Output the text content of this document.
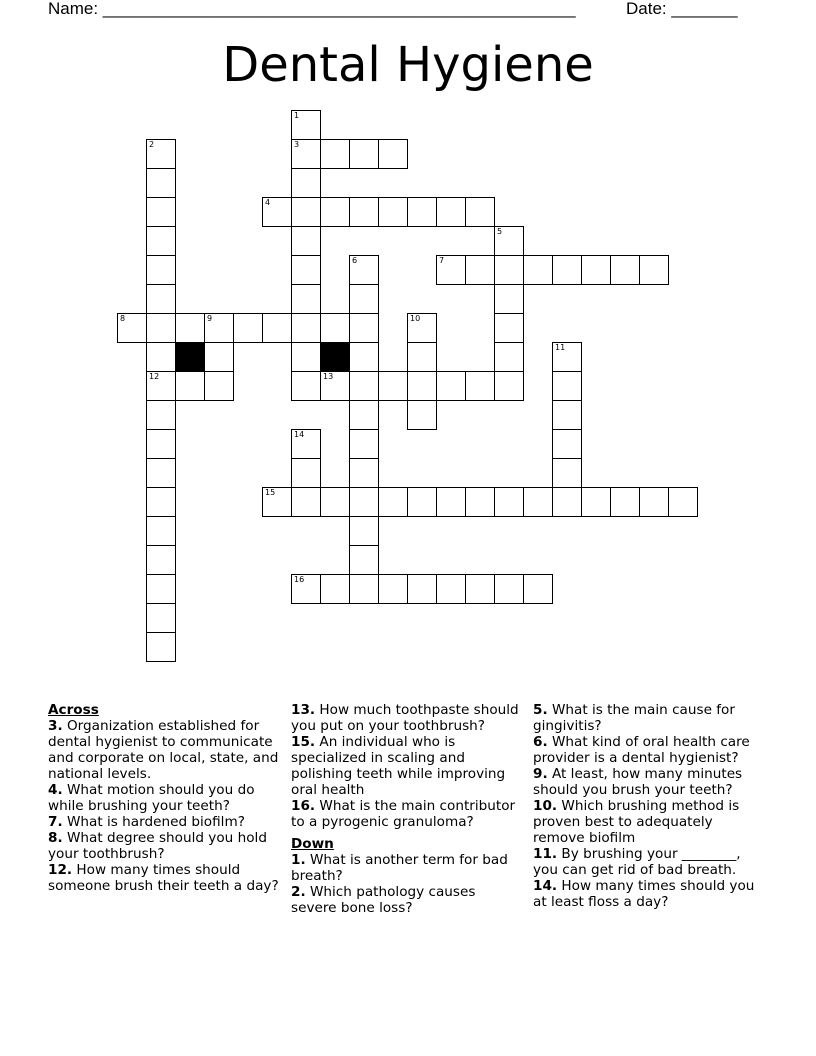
Name: __________________________________________________	Date: _______
Dental Hygiene
1
3
2
12
4
5
6	7
8	9	10
11
13
14
15
16
Across
3. Organization established for dental hygienist to communicate and corporate on local, state, and national levels.
4. What motion should you do while brushing your teeth?
7. What is hardened biofilm?
8. What degree should you hold your toothbrush?
12. How many times should someone brush their teeth a day?
13. How much toothpaste should you put on your toothbrush?
15. An individual who is specialized in scaling and polishing teeth while improving oral health
16. What is the main contributor to a pyrogenic granuloma?
Down
1. What is another term for bad breath?
2. Which pathology causes severe bone loss?
5. What is the main cause for gingivitis?
6. What kind of oral health care provider is a dental hygienist?
9. At least, how many minutes should you brush your teeth?
10. Which brushing method is proven best to adequately remove biofilm
11. By brushing your ________, you can get rid of bad breath.
14. How many times should you at least floss a day?
